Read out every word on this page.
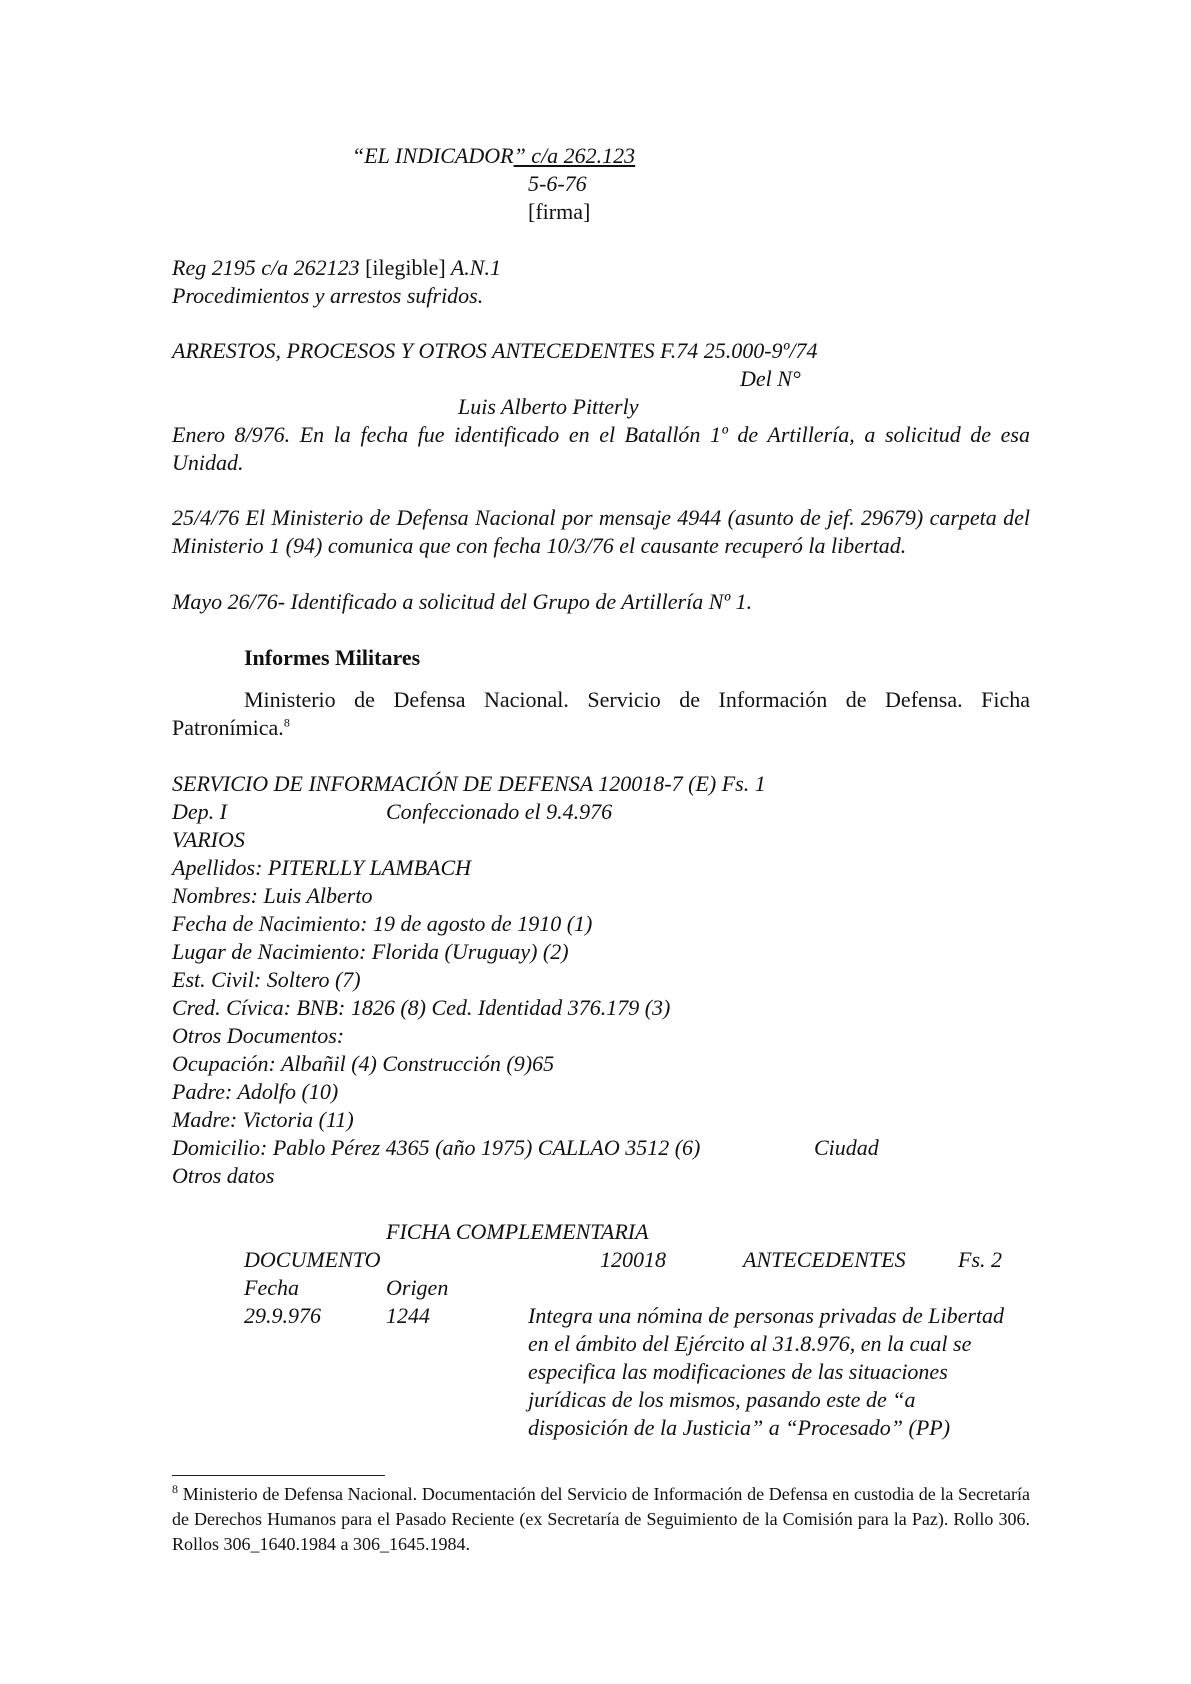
“EL INDICADOR” c/a 262.123
5-6-76
[firma]
Reg 2195 c/a 262123 [ilegible] A.N.1
Procedimientos y arrestos sufridos.
ARRESTOS, PROCESOS Y OTROS ANTECEDENTES F.74 25.000-9º/74
Del N°
Luis Alberto Pitterly
Enero 8/976. En la fecha fue identificado en el Batallón 1º de Artillería, a solicitud de esa Unidad.
25/4/76 El Ministerio de Defensa Nacional por mensaje 4944 (asunto de jef. 29679) carpeta del Ministerio 1 (94) comunica que con fecha 10/3/76 el causante recuperó la libertad.
Mayo 26/76- Identificado a solicitud del Grupo de Artillería Nº 1.
Informes Militares
Ministerio de Defensa Nacional. Servicio de Información de Defensa. Ficha Patronímica.$^8$
SERVICIO DE INFORMACIÓN DE DEFENSA 120018-7 (E) Fs. 1
Dep. I	Confeccionado el 9.4.976
VARIOS
Apellidos: PITERLLY LAMBACH
Nombres: Luis Alberto
Fecha de Nacimiento: 19 de agosto de 1910 (1)
Lugar de Nacimiento: Florida (Uruguay) (2)
Est. Civil: Soltero (7)
Cred. Cívica: BNB: 1826 (8) Ced. Identidad 376.179 (3)
Otros Documentos:
Ocupación: Albañil (4) Construcción (9)65
Padre: Adolfo (10)
Madre: Victoria (11)
Domicilio: Pablo Pérez 4365 (año 1975) CALLAO 3512 (6)	Ciudad
Otros datos
FICHA COMPLEMENTARIA
DOCUMENTO	120018	ANTECEDENTES Fs. 2
Fecha	Origen
29.9.976	1244	Integra una nómina de personas privadas de Libertad en el ámbito del Ejército al 31.8.976, en la cual se especifica las modificaciones de las situaciones jurídicas de los mismos, pasando este de “a disposición de la Justicia” a “Procesado” (PP)
$^8$ Ministerio de Defensa Nacional. Documentación del Servicio de Información de Defensa en custodia de la Secretaría de Derechos Humanos para el Pasado Reciente (ex Secretaría de Seguimiento de la Comisión para la Paz). Rollo 306. Rollos 306_1640.1984 a 306_1645.1984.
